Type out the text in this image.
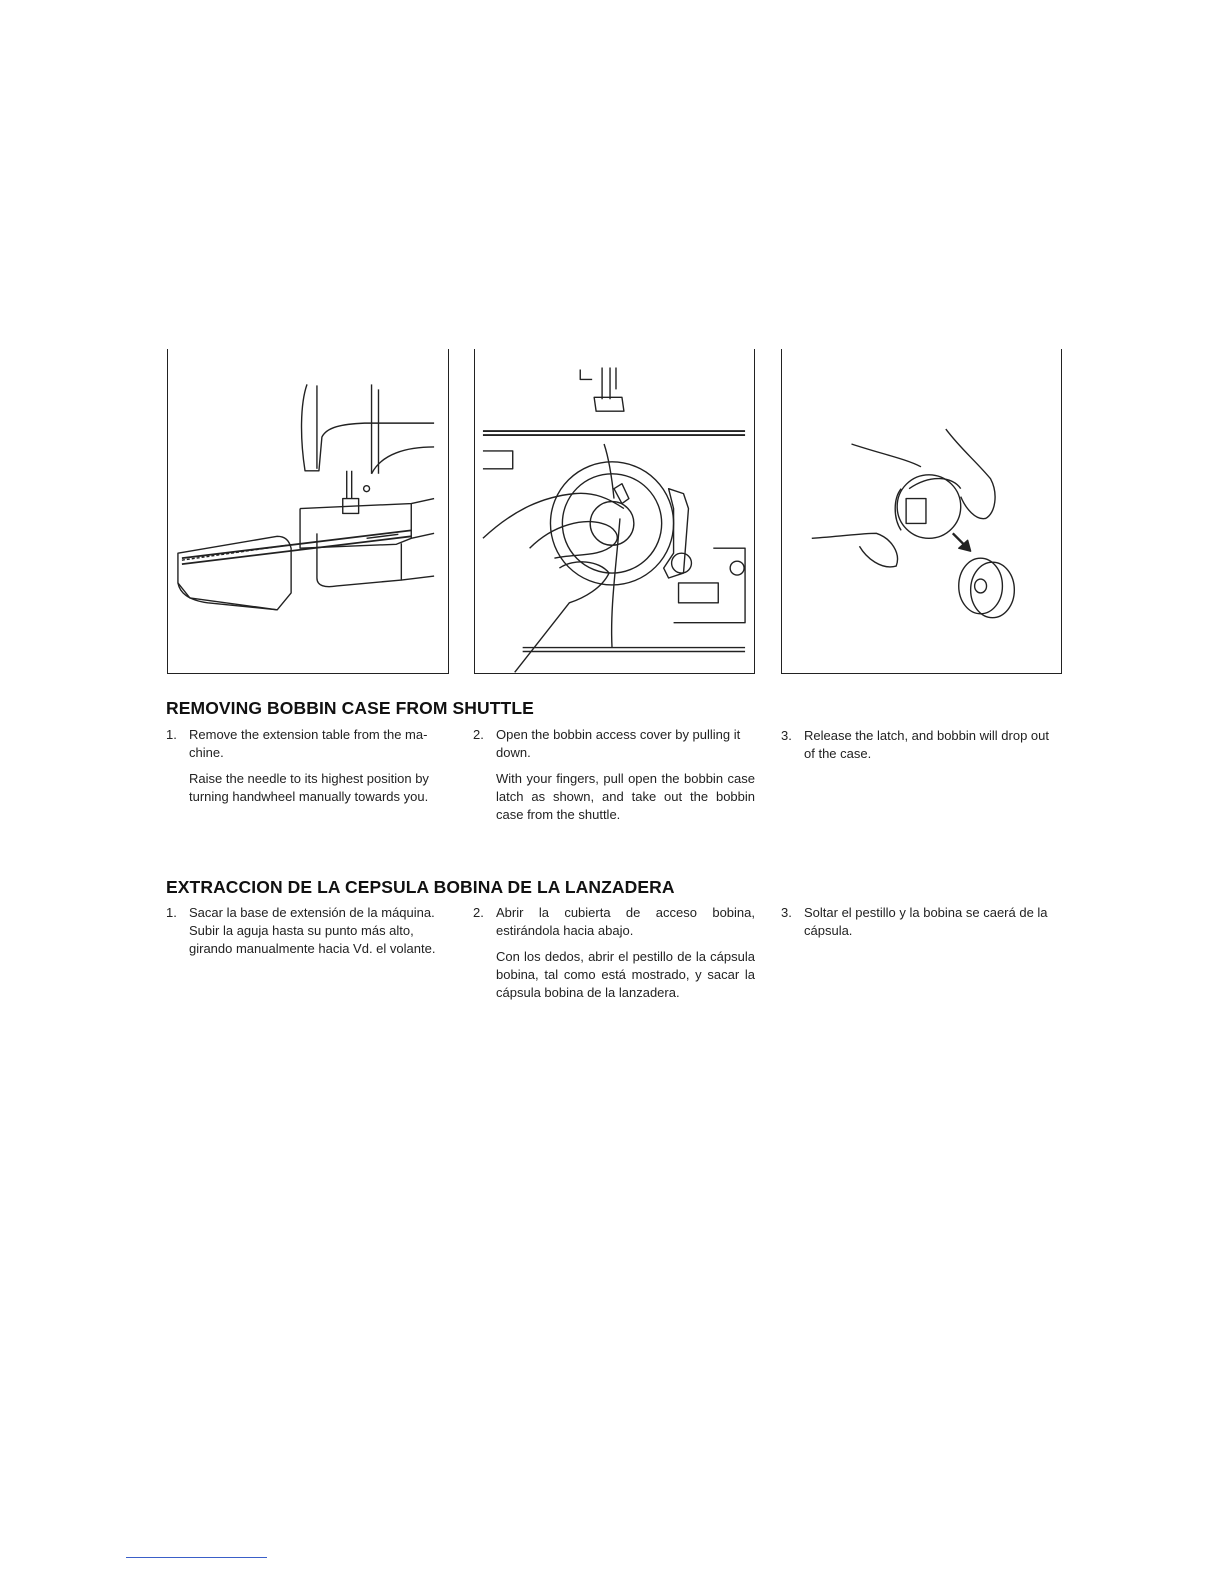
REMOVING BOBBIN CASE FROM SHUTTLE
1. Remove the extension table from the ma-chine.

Raise the needle to its highest position by turning handwheel manually towards you.

2. Open the bobbin access cover by pulling it down.

With your fingers, pull open the bobbin case latch as shown, and take out the bobbin case from the shuttle.

3. Release the latch, and bobbin will drop out of the case.

EXTRACCION DE LA CEPSULA BOBINA DE LA LANZADERA
1. Sacar la base de extensión de la máquina. Subir la aguja hasta su punto más alto, girando manualmente hacia Vd. el volante.

2. Abrir la cubierta de acceso bobina, estirándola hacia abajo.

Con los dedos, abrir el pestillo de la cápsula bobina, tal como está mostrado, y sacar la cápsula bobina de la lanzadera.

3. Soltar el pestillo y la bobina se caerá de la cápsula.
